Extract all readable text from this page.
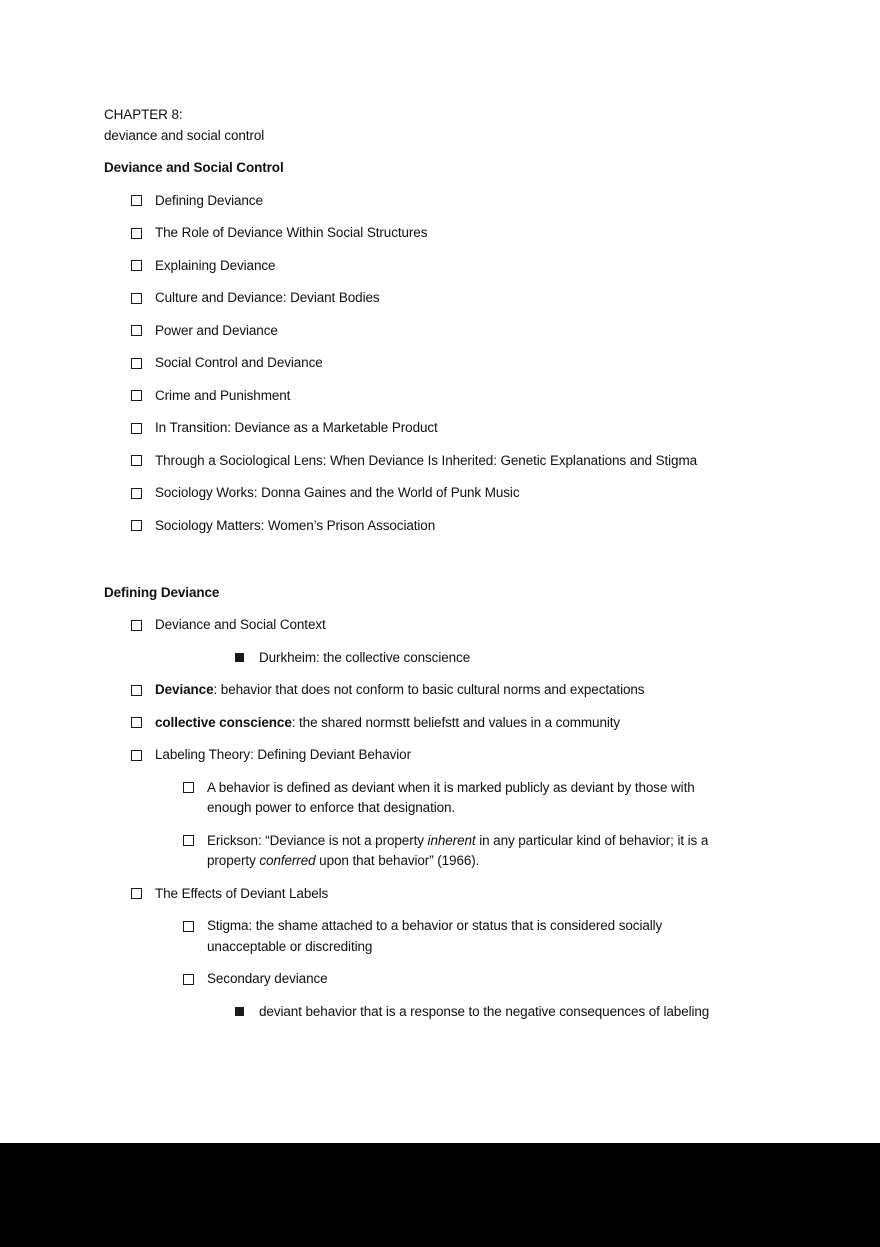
CHAPTER 8:
deviance and social control
Deviance and Social Control
Defining Deviance
The Role of Deviance Within Social Structures
Explaining Deviance
Culture and Deviance: Deviant Bodies
Power and Deviance
Social Control and Deviance
Crime and Punishment
In Transition: Deviance as a Marketable Product
Through a Sociological Lens: When Deviance Is Inherited: Genetic Explanations and Stigma
Sociology Works: Donna Gaines and the World of Punk Music
Sociology Matters: Women’s Prison Association
Defining Deviance
Deviance and Social Context
Durkheim: the collective conscience
Deviance: behavior that does not conform to basic cultural norms and expectations
collective conscience: the shared normstt beliefstt and values in a community
Labeling Theory: Defining Deviant Behavior
A behavior is defined as deviant when it is marked publicly as deviant by those with
enough power to enforce that designation.
Erickson: “Deviance is not a property inherent in any particular kind of behavior; it is a
property conferred upon that behavior” (1966).
The Effects of Deviant Labels
Stigma: the shame attached to a behavior or status that is considered socially
unacceptable or discrediting
Secondary deviance
deviant behavior that is a response to the negative consequences of labeling
